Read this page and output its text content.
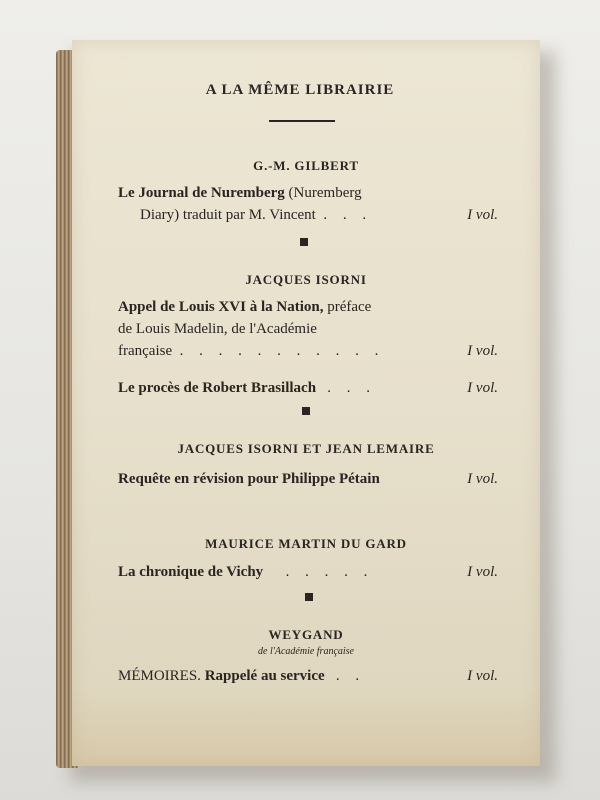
A LA MÊME LIBRAIRIE
G.-M. GILBERT
Le Journal de Nuremberg (Nuremberg
Diary) traduit par M. Vincent . . .	I vol.
JACQUES ISORNI
Appel de Louis XVI à la Nation, préface
de Louis Madelin, de l'Académie
française . . . . . . . . . . .	I vol.
Le procès de Robert Brasillach . . .	I vol.
JACQUES ISORNI ET JEAN LEMAIRE
Requête en révision pour Philippe Pétain	I vol.
MAURICE MARTIN DU GARD
La chronique de Vichy . . . . .	I vol.
WEYGAND
de l'Académie française
MÉMOIRES. Rappelé au service . .	I vol.
